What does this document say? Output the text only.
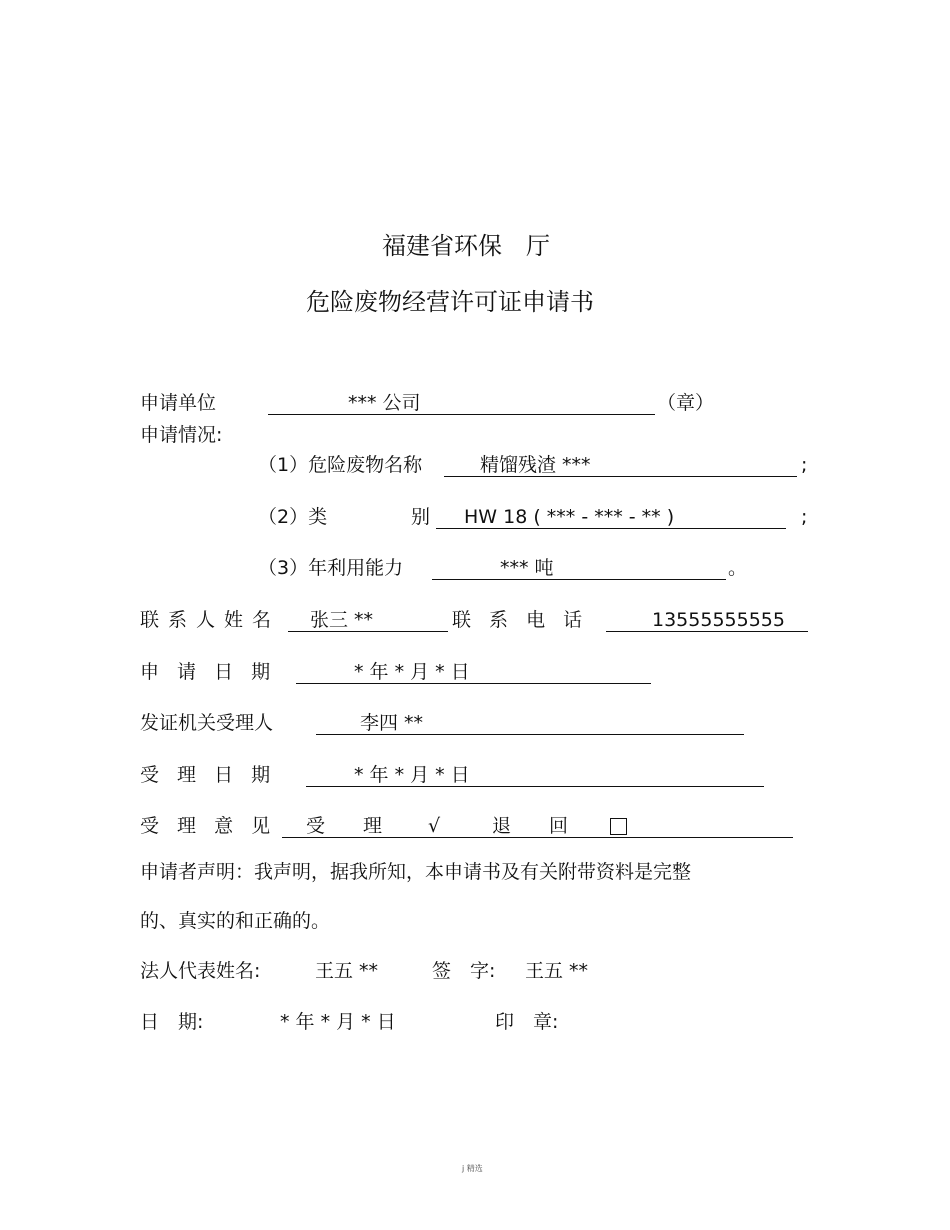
福建省环保　厅
危险废物经营许可证申请书
申请单位	*** 公司	（章）
申请情况:
（1）危险废物名称	精馏残渣 ***	;
（2）类	别 HW 18 ( *** - *** - ** )	;
（3）年利用能力	*** 吨	。
联系人姓名 张三 **	联 系 电 话	13555555555
申 请 日 期	* 年 * 月 * 日
发证机关受理人	李四 **
受 理 日 期	* 年 * 月 * 日
受 理 意 见 受　　理 √	退　　回
申请者声明：我声明，据我所知，本申请书及有关附带资料是完整
的、真实的和正确的。
法人代表姓名:	王五 **	签　字: 王五 **
日　期:	* 年 * 月 * 日	印　章:
j 精选
